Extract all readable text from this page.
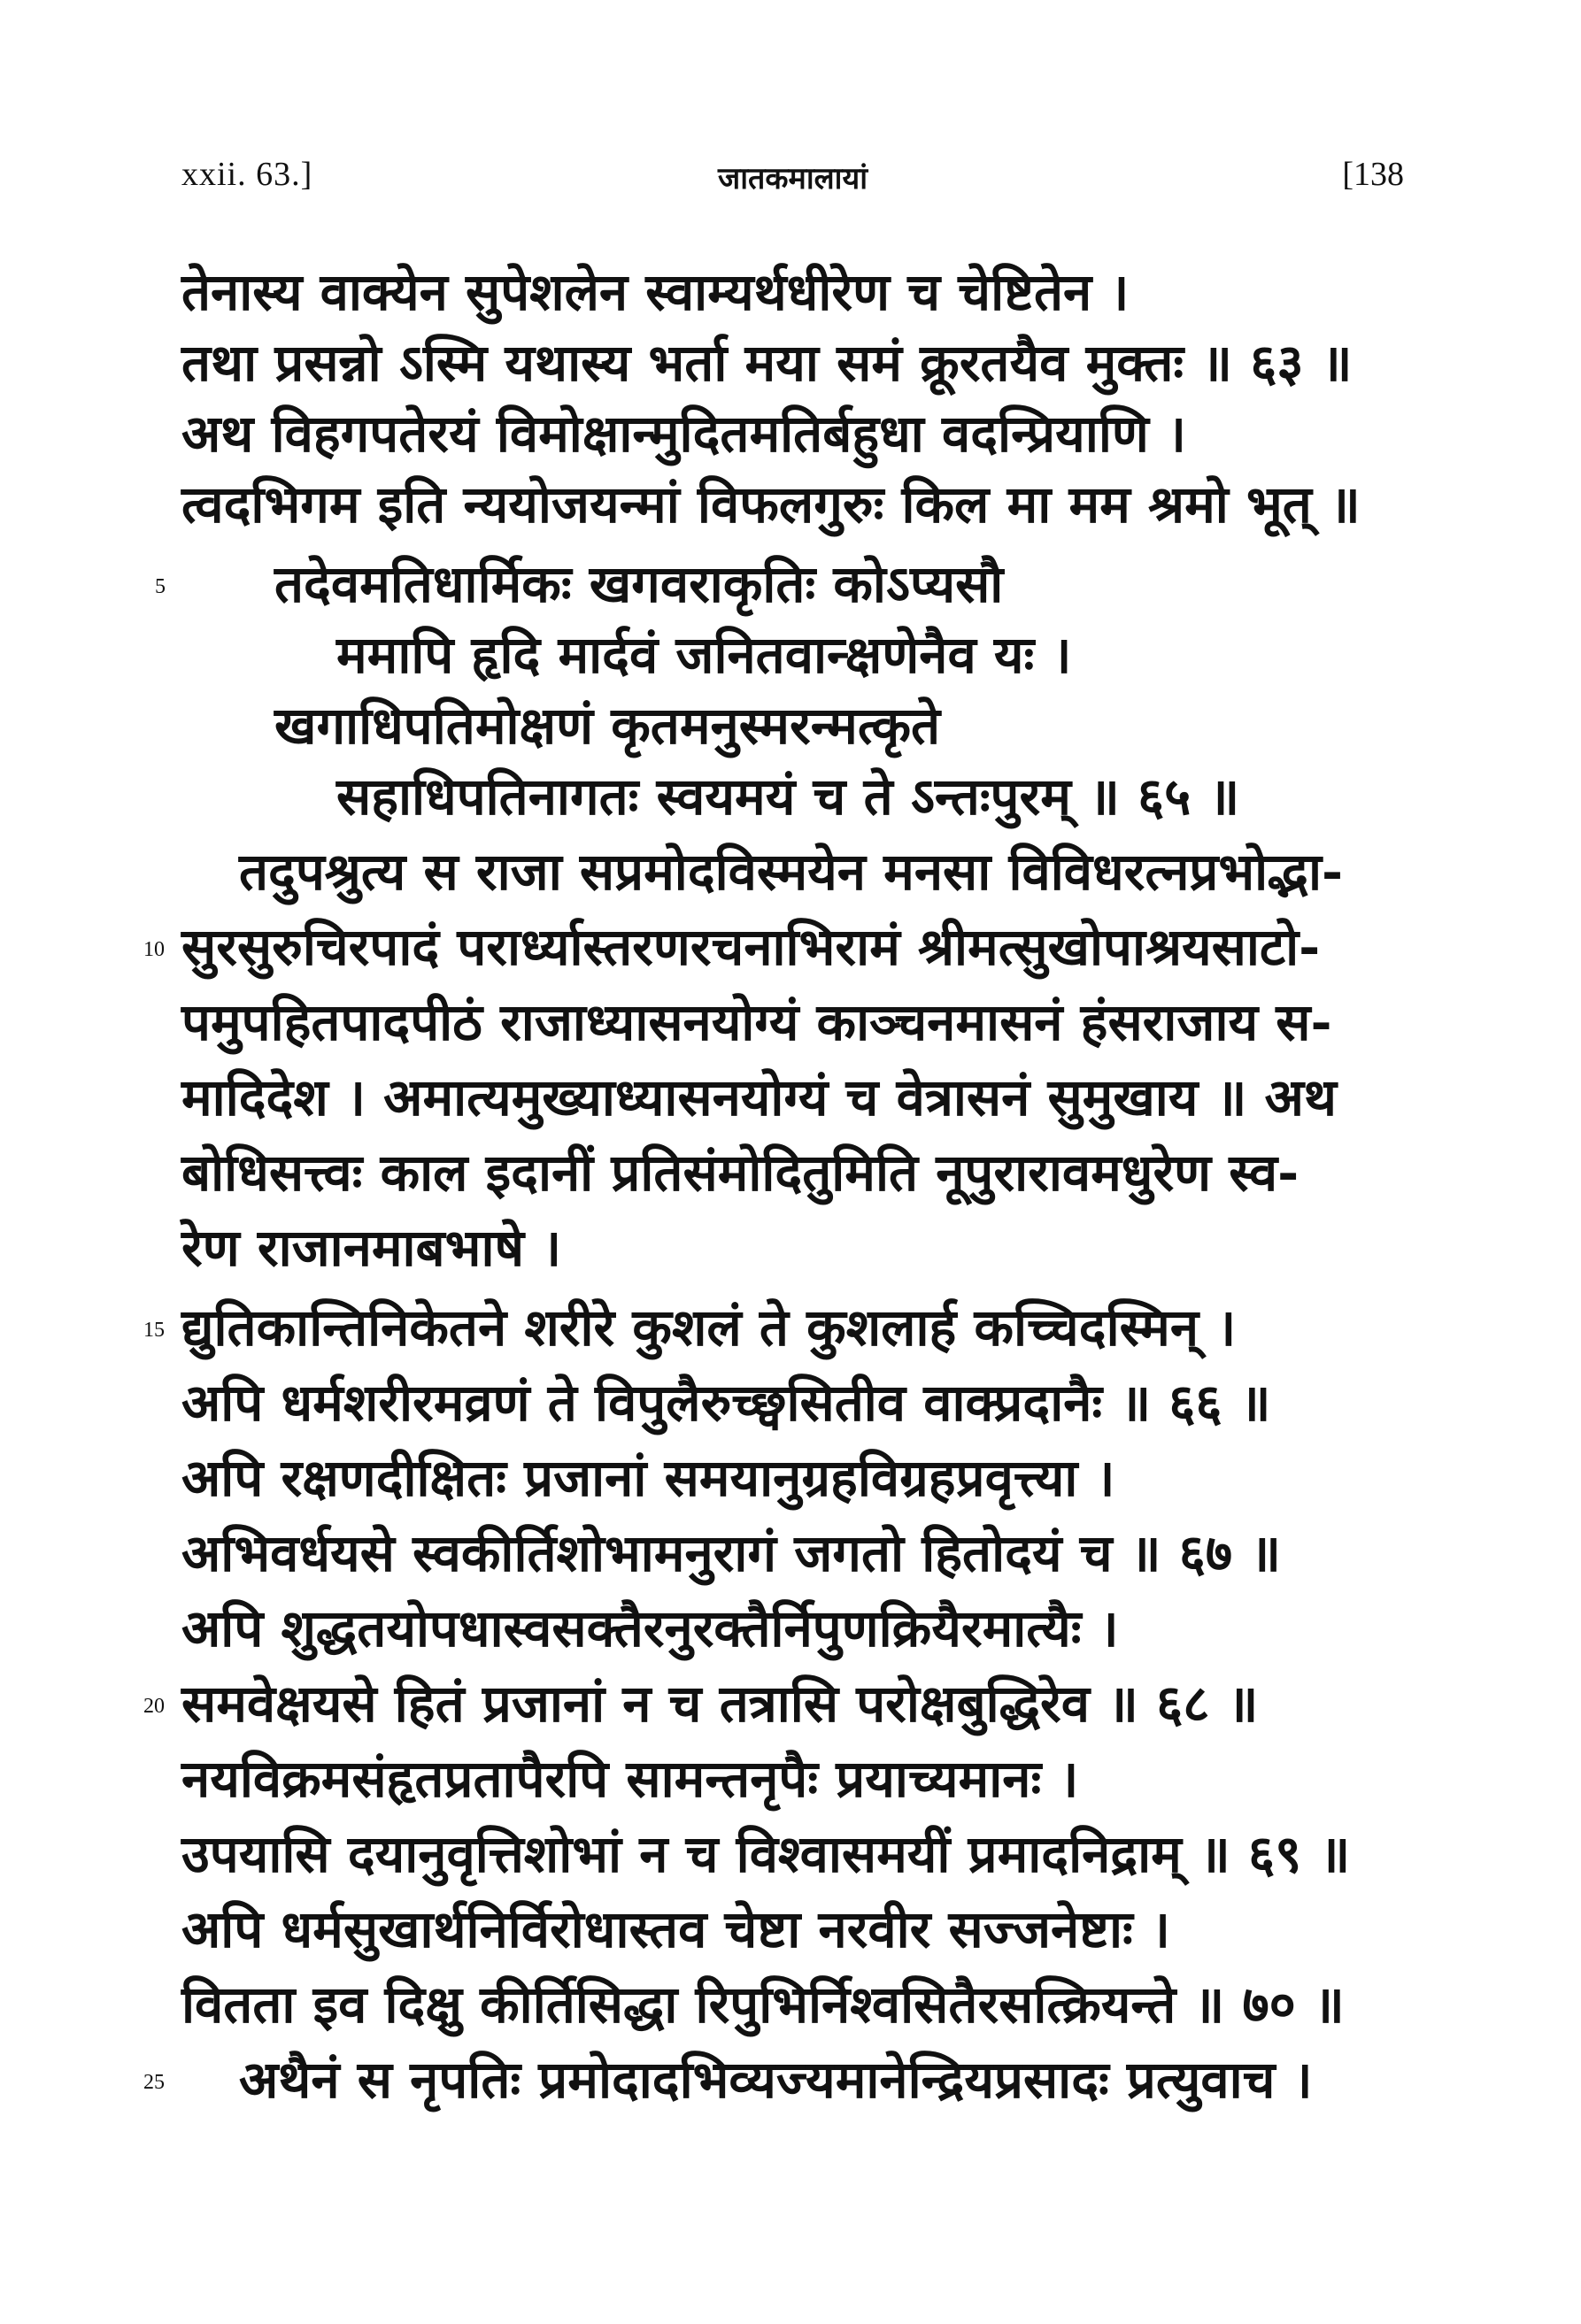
xxii. 63.]	जातकमालायां	[138
तेनास्य वाक्येन सुपेशलेन स्वाम्यर्थधीरेण च चेष्टितेन ।
तथा प्रसन्नो ऽस्मि यथास्य भर्ता मया समं क्रूरतयैव मुक्तः ॥ ६३ ॥
अथ विहगपतेरयं विमोक्षान्मुदितमतिर्बहुधा वदन्प्रियाणि ।
त्वदभिगम इति न्ययोजयन्मां विफलगुरुः किल मा मम श्रमो भूत् ॥
तदेवमतिधार्मिकः खगवराकृतिः कोऽप्यसौ
ममापि हृदि मार्दवं जनितवान्क्षणेनैव यः ।
खगाधिपतिमोक्षणं कृतमनुस्मरन्मत्कृते
सहाधिपतिनागतः स्वयमयं च ते ऽन्तःपुरम् ॥ ६५ ॥
तदुपश्रुत्य स राजा सप्रमोदविस्मयेन मनसा विविधरत्नप्रभोद्भा-
सुरसुरुचिरपादं परार्ध्यास्तरणरचनाभिरामं श्रीमत्सुखोपाश्रयसाटो-
पमुपहितपादपीठं राजाध्यासनयोग्यं काञ्चनमासनं हंसराजाय स-
मादिदेश । अमात्यमुख्याध्यासनयोग्यं च वेत्रासनं सुमुखाय ॥ अथ
बोधिसत्त्वः काल इदानीं प्रतिसंमोदितुमिति नूपुरारावमधुरेण स्व-
रेण राजानमाबभाषे ।
द्युतिकान्तिनिकेतने शरीरे कुशलं ते कुशलार्ह कच्चिदस्मिन् ।
अपि धर्मशरीरमव्रणं ते विपुलैरुच्छ्वसितीव वाक्प्रदानैः ॥ ६६ ॥
अपि रक्षणदीक्षितः प्रजानां समयानुग्रहविग्रहप्रवृत्त्या ।
अभिवर्धयसे स्वकीर्तिशोभामनुरागं जगतो हितोदयं च ॥ ६७ ॥
अपि शुद्धतयोपधास्वसक्तैरनुरक्तैर्निपुणक्रियैरमात्यैः ।
समवेक्षयसे हितं प्रजानां न च तत्रासि परोक्षबुद्धिरेव ॥ ६८ ॥
नयविक्रमसंहृतप्रतापैरपि सामन्तनृपैः प्रयाच्यमानः ।
उपयासि दयानुवृत्तिशोभां न च विश्वासमयीं प्रमादनिद्राम् ॥ ६९ ॥
अपि धर्मसुखार्थनिर्विरोधास्तव चेष्टा नरवीर सज्जनेष्टाः ।
वितता इव दिक्षु कीर्तिसिद्धा रिपुभिर्निश्वसितैरसत्क्रियन्ते ॥ ७० ॥
अथैनं स नृपतिः प्रमोदादभिव्यज्यमानेन्द्रियप्रसादः प्रत्युवाच ।
5
10
15
20
25
